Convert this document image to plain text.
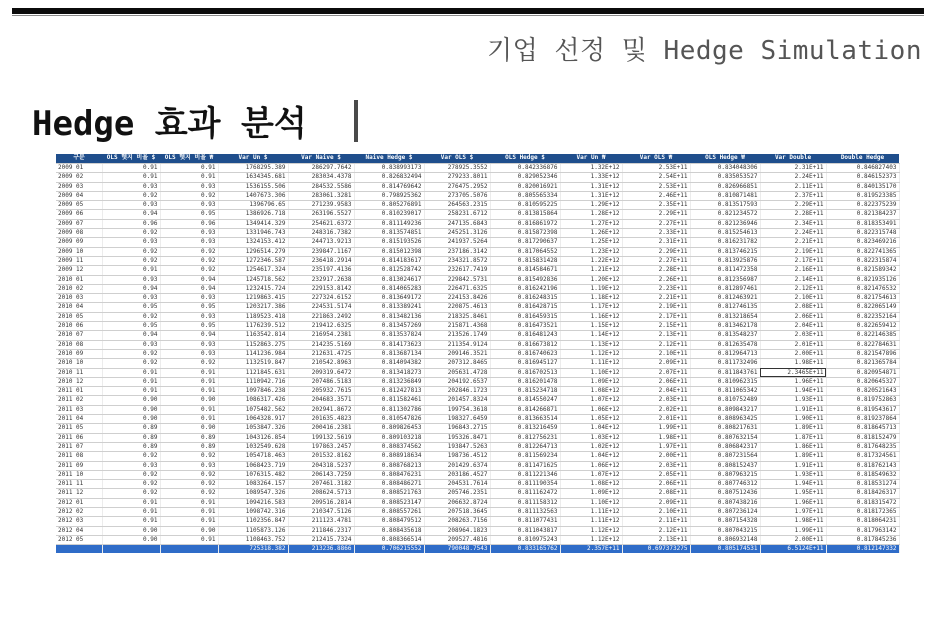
기업 선정 및 Hedge Simulation
Hedge 효과 분석
구분	OLS 헷지 비율 $	OLS 헷지 비율 ₩	Var Un $	Var Naive $	Naive Hedge $	Var OLS $	OLS Hedge $	Var Un ₩	Var OLS ₩	OLS Hedge ₩	Var Double	Double Hedge
2009 01	0.91	0.91	1768295.389	286297.7642	0.838993173	278925.3552	0.842336876	1.32E+12	2.53E+11	0.834048306	2.31E+11	0.846827403
2009 02	0.91	0.91	1634345.681	283034.4378	0.826832494	279233.8011	0.829052346	1.33E+12	2.54E+11	0.835053527	2.24E+11	0.846152373
2009 03	0.93	0.93	1536155.506	284532.5586	0.814769642	276475.2952	0.820016921	1.31E+12	2.53E+11	0.826966851	2.11E+11	0.840135170
2009 04	0.92	0.92	1407673.306	283061.3281	0.798925362	273705.5076	0.805565334	1.31E+12	2.46E+11	0.810871481	2.37E+11	0.819523385
2009 05	0.93	0.93	1396796.65	271239.9583	0.805276891	264563.2315	0.810595225	1.29E+12	2.35E+11	0.813517593	2.29E+11	0.822375239
2009 06	0.94	0.95	1386926.718	263196.5527	0.810239017	258231.6712	0.813815864	1.28E+12	2.29E+11	0.821234572	2.28E+11	0.821384237
2009 07	0.96	0.96	1349414.329	254621.6372	0.811149236	247135.6843	0.816861972	1.27E+12	2.27E+11	0.821236946	2.34E+11	0.818353491
2009 08	0.92	0.93	1331946.743	248316.7382	0.813574851	245251.3126	0.815872398	1.26E+12	2.33E+11	0.815254613	2.24E+11	0.822315748
2009 09	0.93	0.93	1324153.412	244713.9213	0.815193526	241937.5264	0.817290637	1.25E+12	2.31E+11	0.816231782	2.21E+11	0.823469216
2009 10	0.92	0.92	1296514.279	239847.1167	0.815012398	237186.3142	0.817064552	1.23E+12	2.29E+11	0.813746215	2.19E+11	0.822741365
2009 11	0.92	0.92	1272346.587	236418.2914	0.814183617	234321.8572	0.815831428	1.22E+12	2.27E+11	0.813925876	2.17E+11	0.822315874
2009 12	0.91	0.92	1254617.324	235197.4136	0.812528742	232617.7419	0.814584671	1.21E+12	2.28E+11	0.811472358	2.16E+11	0.821589342
2010 01	0.93	0.94	1245718.562	232917.2638	0.813024617	229842.5731	0.815492836	1.20E+12	2.26E+11	0.812356987	2.14E+11	0.821935126
2010 02	0.94	0.94	1232415.724	229153.8142	0.814065283	226471.6325	0.816242196	1.19E+12	2.23E+11	0.812897461	2.12E+11	0.821476532
2010 03	0.93	0.93	1219863.415	227324.6152	0.813649172	224153.8426	0.816248315	1.18E+12	2.21E+11	0.812463921	2.10E+11	0.821754613
2010 04	0.95	0.95	1203217.386	224531.5174	0.813389241	220875.4613	0.816428715	1.17E+12	2.19E+11	0.812746135	2.08E+11	0.822065149
2010 05	0.92	0.93	1189523.418	221863.2492	0.813482136	218325.8461	0.816459315	1.16E+12	2.17E+11	0.813218654	2.06E+11	0.822352164
2010 06	0.95	0.95	1176239.512	219412.6325	0.813457269	215871.4368	0.816473521	1.15E+12	2.15E+11	0.813462178	2.04E+11	0.822659412
2010 07	0.94	0.94	1163542.814	216954.2381	0.813537824	213526.1749	0.816481243	1.14E+12	2.13E+11	0.813548237	2.03E+11	0.822146385
2010 08	0.93	0.93	1152863.275	214235.5169	0.814173623	211354.9124	0.816673812	1.13E+12	2.12E+11	0.812635478	2.01E+11	0.822784631
2010 09	0.92	0.93	1141236.984	212631.4725	0.813687134	209146.3521	0.816740623	1.12E+12	2.10E+11	0.812964713	2.00E+11	0.821547896
2010 10	0.92	0.92	1132519.847	210542.8963	0.814094382	207312.8465	0.816945127	1.11E+12	2.09E+11	0.811732496	1.98E+11	0.821365784
2010 11	0.91	0.91	1121845.631	209319.6472	0.813418273	205631.4728	0.816702513	1.10E+12	2.07E+11	0.811843761	2.3465E+11	0.820954871
2010 12	0.91	0.91	1110942.716	207486.5183	0.813236849	204192.6537	0.816201478	1.09E+12	2.06E+11	0.810962315	1.96E+11	0.820645327
2011 01	0.91	0.91	1097846.238	205932.7615	0.812427813	202846.1723	0.815234718	1.08E+12	2.04E+11	0.811065342	1.94E+11	0.820521643
2011 02	0.90	0.90	1086317.426	204683.3571	0.811582461	201457.8324	0.814550247	1.07E+12	2.03E+11	0.810752489	1.93E+11	0.819752863
2011 03	0.90	0.91	1075482.562	202941.8672	0.811302786	199754.3618	0.814266871	1.06E+12	2.02E+11	0.809843217	1.91E+11	0.819543617
2011 04	0.90	0.91	1064328.917	201635.4823	0.810547826	198327.6459	0.813663514	1.05E+12	2.01E+11	0.808963425	1.90E+11	0.819237864
2011 05	0.89	0.90	1053847.326	200416.2381	0.809826453	196843.2715	0.813216459	1.04E+12	1.99E+11	0.808217631	1.89E+11	0.818645713
2011 06	0.89	0.89	1043126.854	199132.5619	0.809103218	195326.8471	0.812756231	1.03E+12	1.98E+11	0.807632154	1.87E+11	0.818152479
2011 07	0.89	0.89	1032549.628	197863.2457	0.808374562	193847.5263	0.812264713	1.02E+12	1.97E+11	0.806842317	1.86E+11	0.817648235
2011 08	0.92	0.92	1054718.463	201532.8162	0.808918634	198736.4512	0.811569234	1.04E+12	2.00E+11	0.807231564	1.89E+11	0.817324561
2011 09	0.93	0.93	1068423.719	204318.5237	0.808768213	201429.6374	0.811471625	1.06E+12	2.03E+11	0.808152437	1.91E+11	0.818762143
2011 10	0.92	0.92	1076315.482	206143.7259	0.808476231	203186.4527	0.811221346	1.07E+12	2.05E+11	0.807963215	1.93E+11	0.818549632
2011 11	0.92	0.92	1083264.157	207461.3182	0.808486271	204531.7614	0.811190354	1.08E+12	2.06E+11	0.807746312	1.94E+11	0.818531274
2011 12	0.92	0.92	1089547.326	208624.5713	0.808521763	205746.2351	0.811162472	1.09E+12	2.08E+11	0.807512436	1.95E+11	0.818426317
2012 01	0.91	0.91	1094216.583	209516.2814	0.808523147	206632.8724	0.811158312	1.10E+12	2.09E+11	0.807438216	1.96E+11	0.818315472
2012 02	0.91	0.91	1098742.316	210347.5126	0.808557261	207518.3645	0.811132563	1.11E+12	2.10E+11	0.807236124	1.97E+11	0.818172365
2012 03	0.91	0.91	1102356.847	211123.4781	0.808479512	208263.7156	0.811077431	1.11E+12	2.11E+11	0.807154328	1.98E+11	0.818064231
2012 04	0.90	0.90	1105873.126	211846.2317	0.808435618	208964.1823	0.811043817	1.12E+12	2.12E+11	0.807043215	1.99E+11	0.817963142
2012 05	0.90	0.91	1108463.752	212415.7324	0.808366514	209527.4816	0.810975243	1.12E+12	2.13E+11	0.806932148	2.00E+11	0.817845236
			725318.382	213236.8866	0.706215552	790048.7543	0.833165762	2.357E+11	0.697373275	0.805174531	6.5124E+11	0.812147332
